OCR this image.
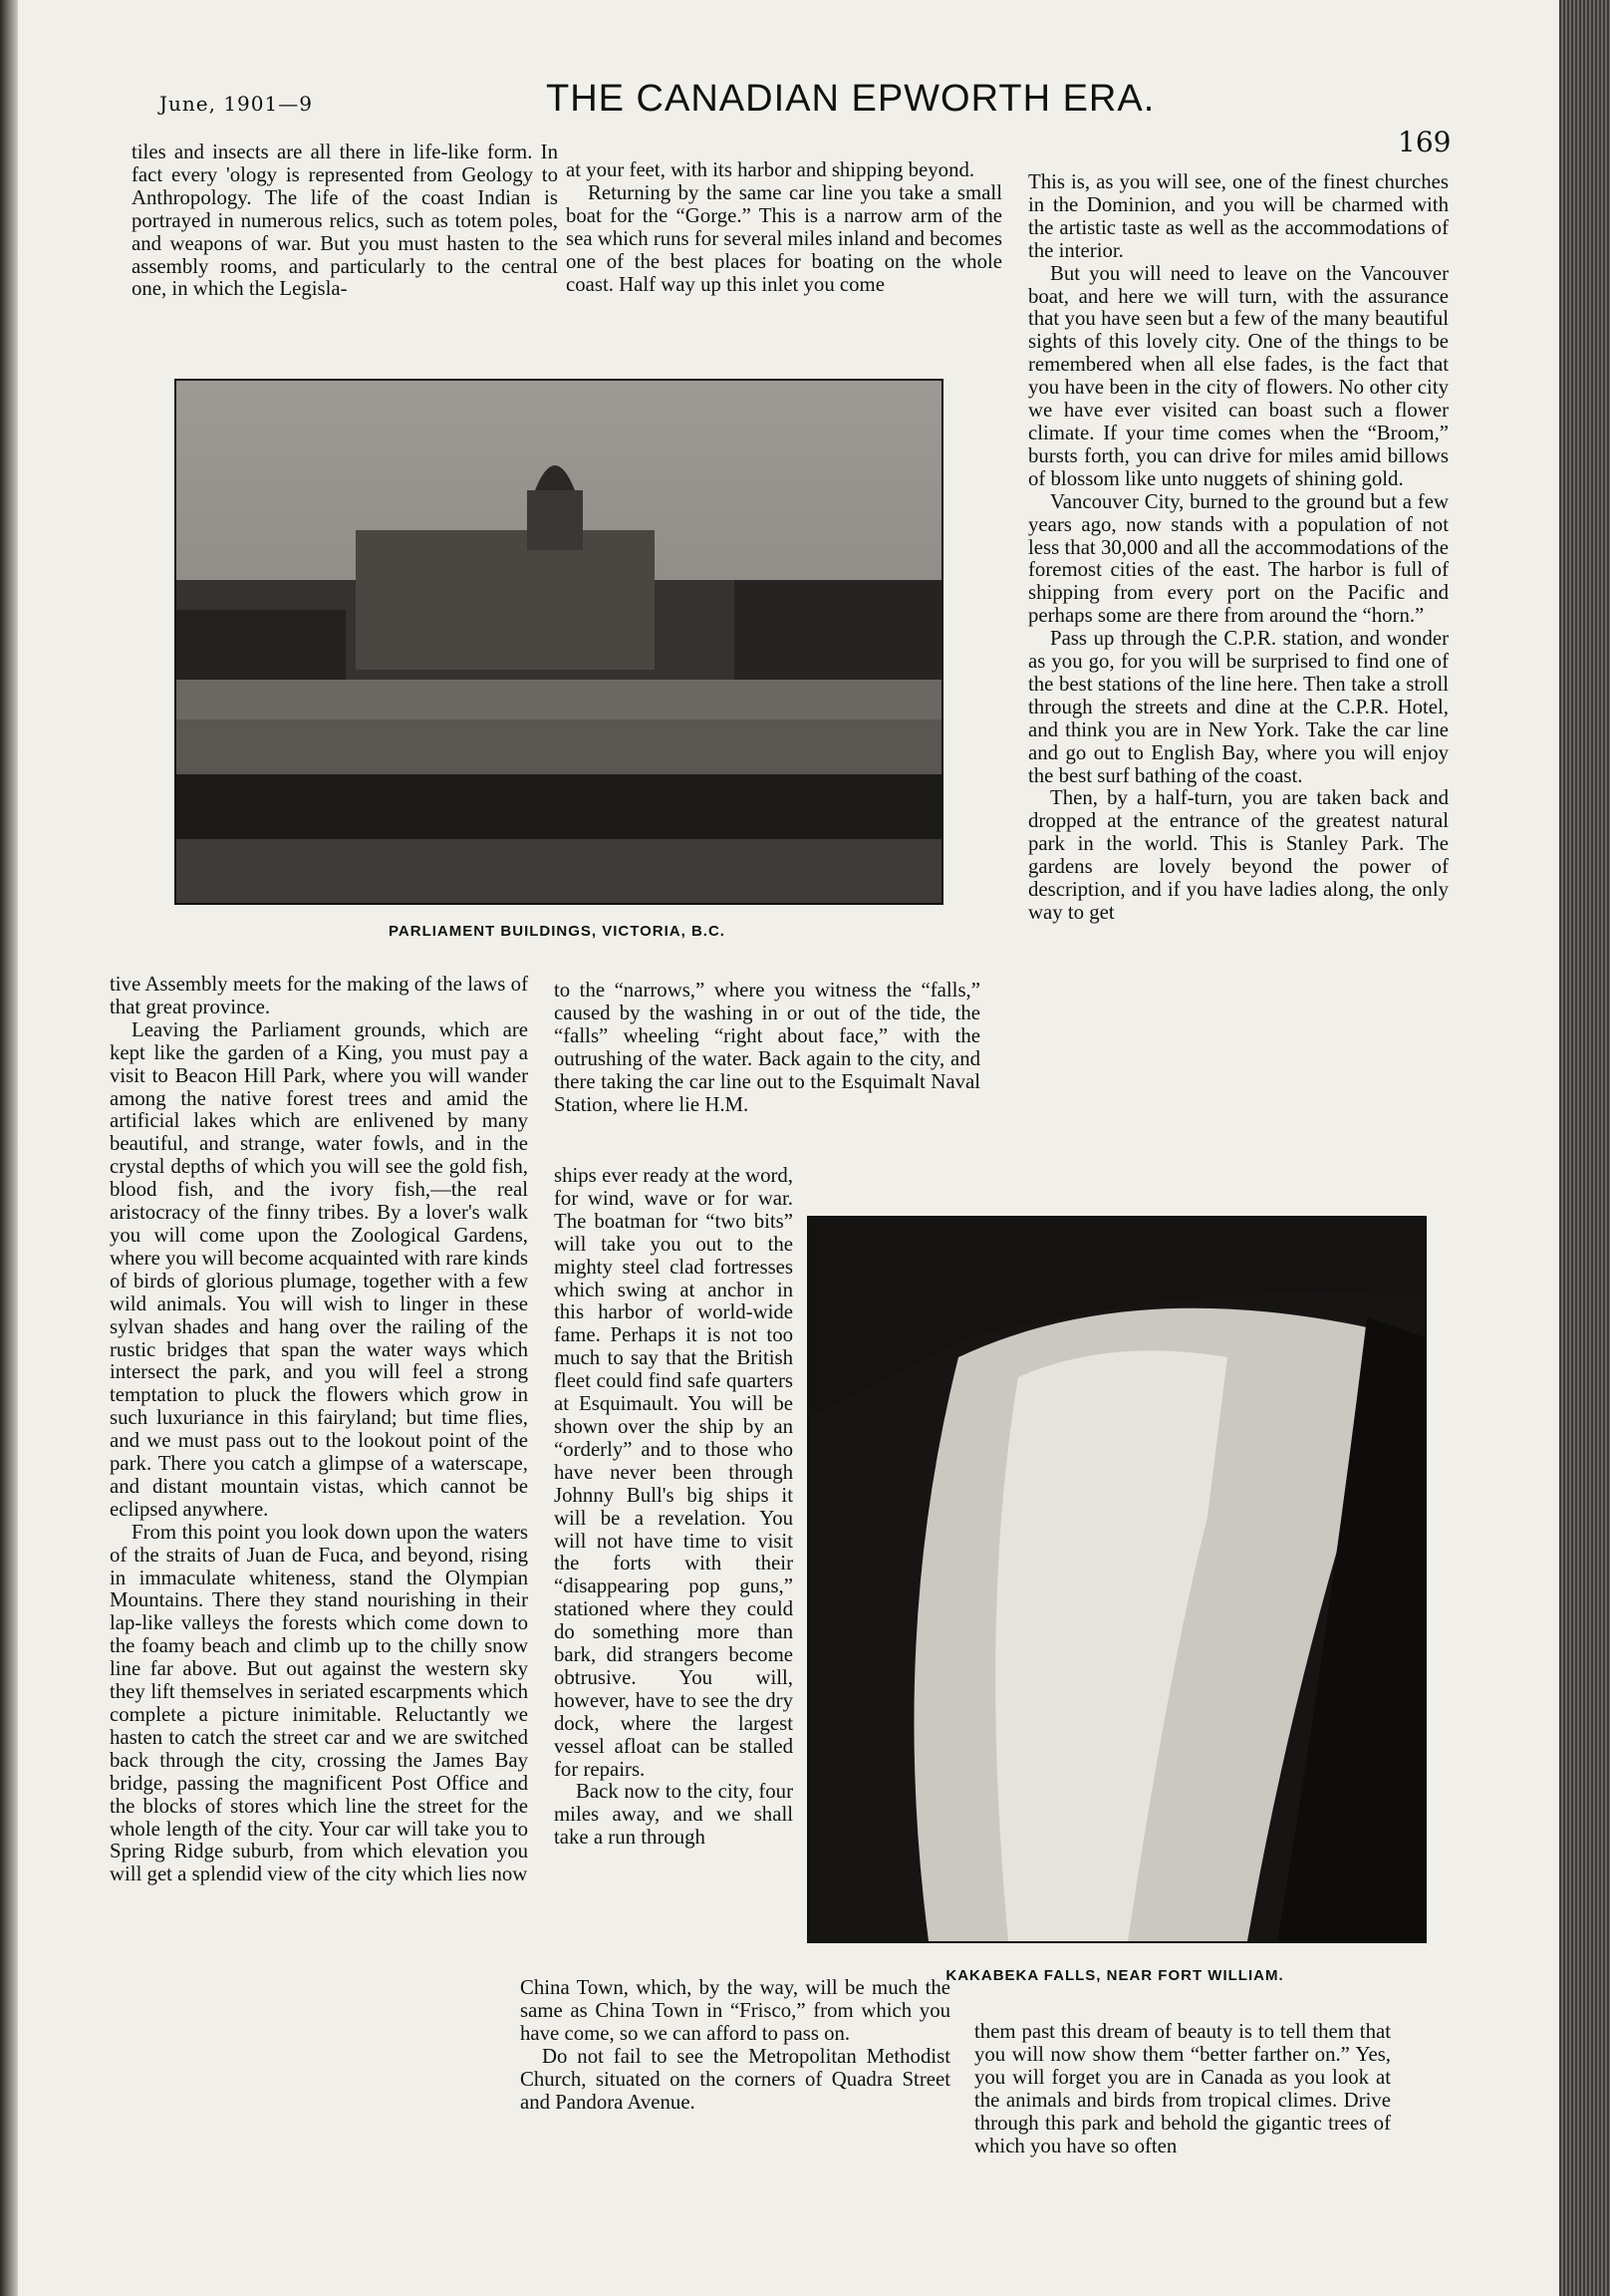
June, 1901—9	THE CANADIAN EPWORTH ERA.
169

tiles and insects are all there in life-like form. In fact every 'ology is represented from Geology to Anthropology. The life of the coast Indian is portrayed in numerous relics, such as totem poles, and weapons of war. But you must hasten to the assembly rooms, and particularly to the central one, in which the Legisla-

at your feet, with its harbor and shipping beyond.

Returning by the same car line you take a small boat for the “Gorge.” This is a narrow arm of the sea which runs for several miles inland and becomes one of the best places for boating on the whole coast. Half way up this inlet you come

This is, as you will see, one of the finest churches in the Dominion, and you will be charmed with the artistic taste as well as the accommodations of the interior.

But you will need to leave on the Vancouver boat, and here we will turn, with the assurance that you have seen but a few of the many beautiful sights of this lovely city. One of the things to be remembered when all else fades, is the fact that you have been in the city of flowers. No other city we have ever visited can boast such a flower climate. If your time comes when the “Broom,” bursts forth, you can drive for miles amid billows of blossom like unto nuggets of shining gold.

Vancouver City, burned to the ground but a few years ago, now stands with a population of not less that 30,000 and all the accommodations of the foremost cities of the east. The harbor is full of shipping from every port on the Pacific and perhaps some are there from around the “horn.”

Pass up through the C.P.R. station, and wonder as you go, for you will be surprised to find one of the best stations of the line here. Then take a stroll through the streets and dine at the C.P.R. Hotel, and think you are in New York. Take the car line and go out to English Bay, where you will enjoy the best surf bathing of the coast.

Then, by a half-turn, you are taken back and dropped at the entrance of the greatest natural park in the world. This is Stanley Park. The gardens are lovely beyond the power of description, and if you have ladies along, the only way to get

PARLIAMENT BUILDINGS, VICTORIA, B.C.

tive Assembly meets for the making of the laws of that great province.

Leaving the Parliament grounds, which are kept like the garden of a King, you must pay a visit to Beacon Hill Park, where you will wander among the native forest trees and amid the artificial lakes which are enlivened by many beautiful, and strange, water fowls, and in the crystal depths of which you will see the gold fish, blood fish, and the ivory fish,—the real aristocracy of the finny tribes. By a lover's walk you will come upon the Zoological Gardens, where you will become acquainted with rare kinds of birds of glorious plumage, together with a few wild animals. You will wish to linger in these sylvan shades and hang over the railing of the rustic bridges that span the water ways which intersect the park, and you will feel a strong temptation to pluck the flowers which grow in such luxuriance in this fairyland; but time flies, and we must pass out to the lookout point of the park. There you catch a glimpse of a waterscape, and distant mountain vistas, which cannot be eclipsed anywhere.

From this point you look down upon the waters of the straits of Juan de Fuca, and beyond, rising in immaculate whiteness, stand the Olympian Mountains. There they stand nourishing in their lap-like valleys the forests which come down to the foamy beach and climb up to the chilly snow line far above. But out against the western sky they lift themselves in seriated escarpments which complete a picture inimitable. Reluctantly we hasten to catch the street car and we are switched back through the city, crossing the James Bay bridge, passing the magnificent Post Office and the blocks of stores which line the street for the whole length of the city. Your car will take you to Spring Ridge suburb, from which elevation you will get a splendid view of the city which lies now

to the “narrows,” where you witness the “falls,” caused by the washing in or out of the tide, the “falls” wheeling “right about face,” with the outrushing of the water. Back again to the city, and there taking the car line out to the Esquimalt Naval Station, where lie H.M.

ships ever ready at the word, for wind, wave or for war. The boatman for “two bits” will take you out to the mighty steel clad fortresses which swing at anchor in this harbor of world-wide fame. Perhaps it is not too much to say that the British fleet could find safe quarters at Esquimault. You will be shown over the ship by an “orderly” and to those who have never been through Johnny Bull's big ships it will be a revelation. You will not have time to visit the forts with their “disappearing pop guns,” stationed where they could do something more than bark, did strangers become obtrusive. You will, however, have to see the dry dock, where the largest vessel afloat can be stalled for repairs.

Back now to the city, four miles away, and we shall take a run through

KAKABEKA FALLS, NEAR FORT WILLIAM.

China Town, which, by the way, will be much the same as China Town in “Frisco,” from which you have come, so we can afford to pass on.

Do not fail to see the Metropolitan Methodist Church, situated on the corners of Quadra Street and Pandora Avenue.

them past this dream of beauty is to tell them that you will now show them “better farther on.” Yes, you will forget you are in Canada as you look at the animals and birds from tropical climes. Drive through this park and behold the gigantic trees of which you have so often
